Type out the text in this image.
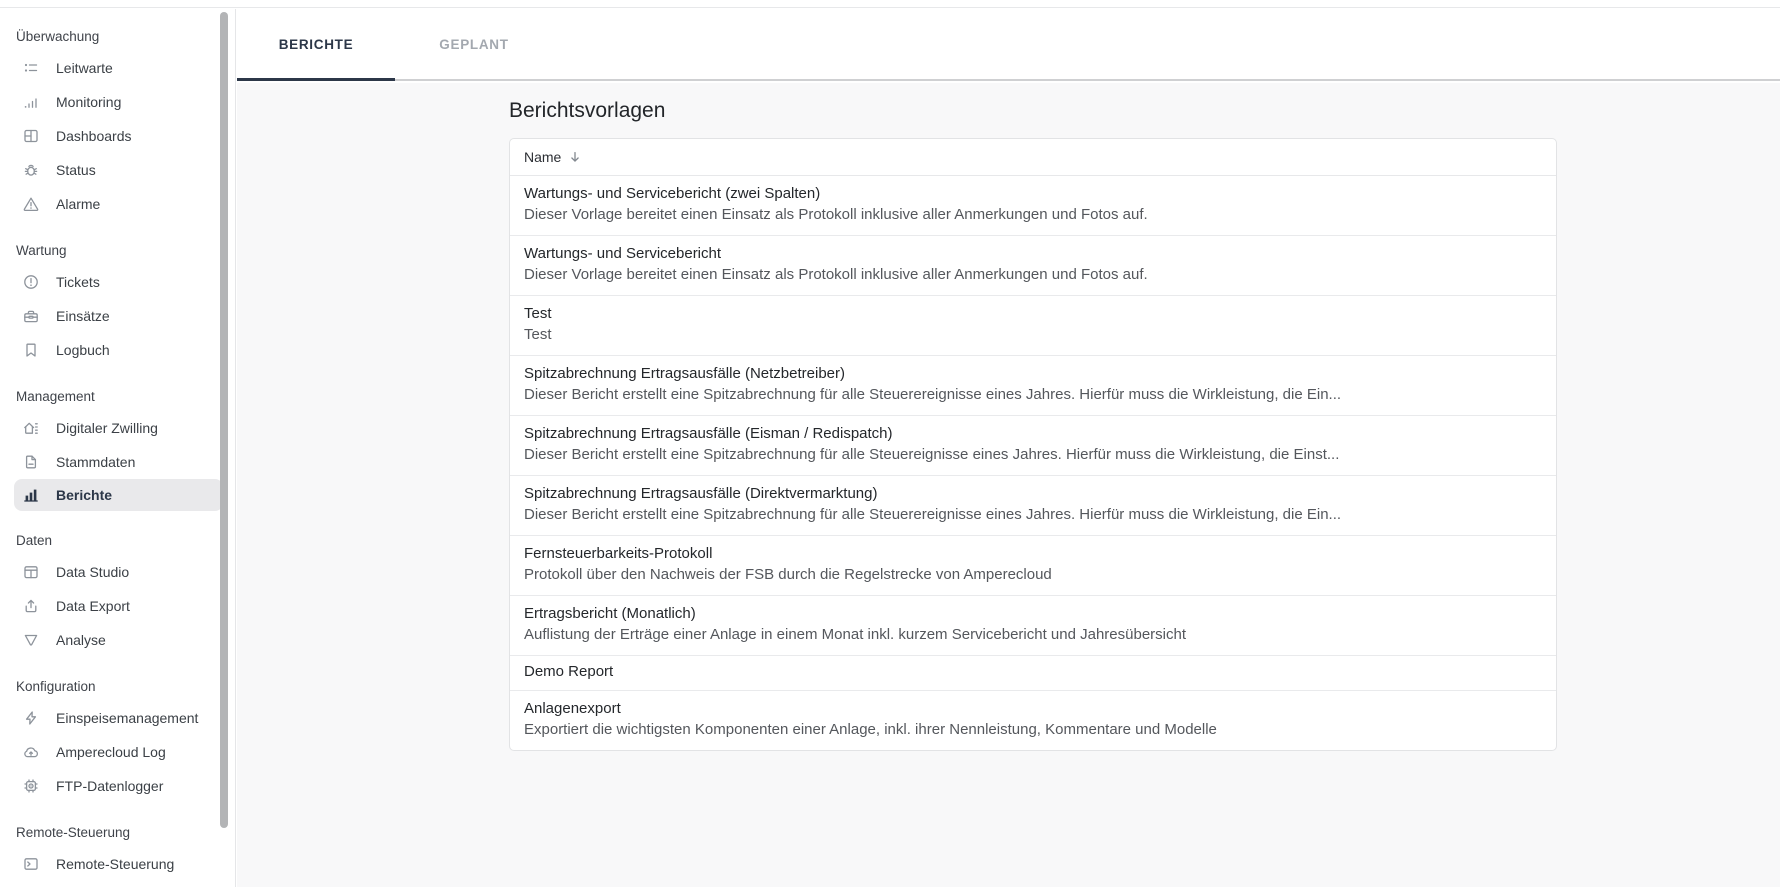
Überwachung
Leitwarte
Monitoring
Dashboards
Status
Alarme
Wartung
Tickets
Einsätze
Logbuch
Management
Digitaler Zwilling
Stammdaten
Berichte
Daten
Data Studio
Data Export
Analyse
Konfiguration
Einspeisemanagement
Amperecloud Log
FTP-Datenlogger
Remote-Steuerung
Remote-Steuerung
BERICHTE	GEPLANT
Berichtsvorlagen
Name
Wartungs- und Servicebericht (zwei Spalten)
Dieser Vorlage bereitet einen Einsatz als Protokoll inklusive aller Anmerkungen und Fotos auf.
Wartungs- und Servicebericht
Dieser Vorlage bereitet einen Einsatz als Protokoll inklusive aller Anmerkungen und Fotos auf.
Test
Test
Spitzabrechnung Ertragsausfälle (Netzbetreiber)
Dieser Bericht erstellt eine Spitzabrechnung für alle Steuerereignisse eines Jahres. Hierfür muss die Wirkleistung, die Ein...
Spitzabrechnung Ertragsausfälle (Eisman / Redispatch)
Dieser Bericht erstellt eine Spitzabrechnung für alle Steuereignisse eines Jahres. Hierfür muss die Wirkleistung, die Einst...
Spitzabrechnung Ertragsausfälle (Direktvermarktung)
Dieser Bericht erstellt eine Spitzabrechnung für alle Steuerereignisse eines Jahres. Hierfür muss die Wirkleistung, die Ein...
Fernsteuerbarkeits-Protokoll
Protokoll über den Nachweis der FSB durch die Regelstrecke von Amperecloud
Ertragsbericht (Monatlich)
Auflistung der Erträge einer Anlage in einem Monat inkl. kurzem Servicebericht und Jahresübersicht
Demo Report
Anlagenexport
Exportiert die wichtigsten Komponenten einer Anlage, inkl. ihrer Nennleistung, Kommentare und Modelle
